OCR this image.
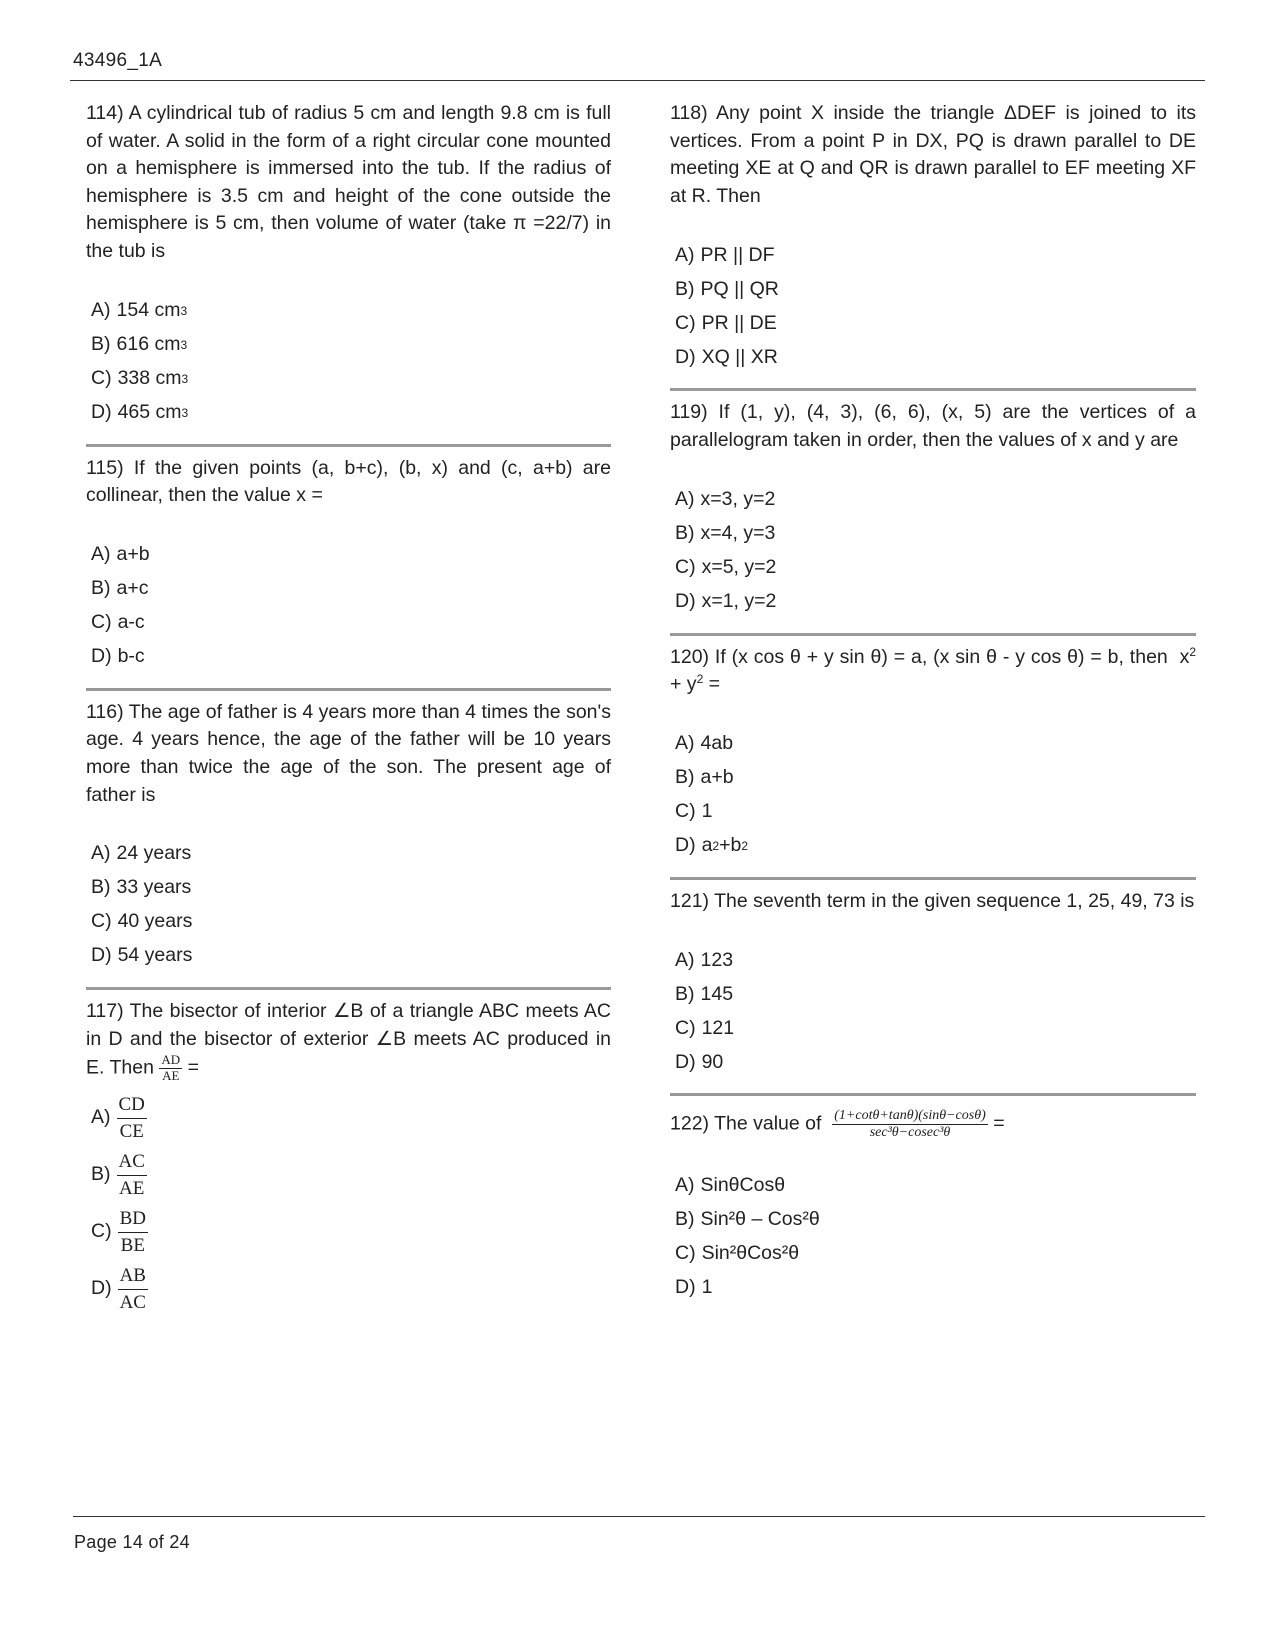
43496_1A

114) A cylindrical tub of radius 5 cm and length 9.8 cm is full of water. A solid in the form of a right circular cone mounted on a hemisphere is immersed into the tub. If the radius of hemisphere is 3.5 cm and height of the cone outside the hemisphere is 5 cm, then volume of water (take π =22/7) in the tub is

A) 154 cm 3
B) 616 cm 3
C) 338 cm 3
D) 465 cm 3

115) If the given points (a, b+c), (b, x) and (c, a+b) are collinear, then the value x =

A) a+b
B) a+c
C) a-c
D) b-c

116) The age of father is 4 years more than 4 times the son's age. 4 years hence, the age of the father will be 10 years more than twice the age of the son. The present age of father is

A) 24 years
B) 33 years
C) 40 years
D) 54 years

117) The bisector of interior ∠B of a triangle ABC meets AC in D and the bisector of exterior ∠B meets AC produced in E. Then $\frac{AD}{AE}$ =

$A) \frac{CD}{CE}$
$B) \frac{AC}{AE}$
$C) \frac{BD}{BE}$
$D) \frac{AB}{AC}$

118) Any point X inside the triangle ΔDEF is joined to its vertices. From a point P in DX, PQ is drawn parallel to DE meeting XE at Q and QR is drawn parallel to EF meeting XF at R. Then

A) PR || DF
B) PQ || QR
C) PR || DE
D) XQ || XR

119) If (1, y), (4, 3), (6, 6), (x, 5) are the vertices of a parallelogram taken in order, then the values of x and y are

A) x=3, y=2
B) x=4, y=3
C) x=5, y=2
D) x=1, y=2

120) If (x cos θ + y sin θ) = a, (x sin θ - y cos θ) = b, then $x^2 + y^2$ =

A) 4ab
B) a+b
C) 1
D) a 2 +b 2

121) The seventh term in the given sequence 1, 25, 49, 73 is

A) 123
B) 145
C) 121
D) 90

122) The value of $\frac{(1+\cot\theta+\tan\theta)(\sin\theta-\cos\theta)}{\text{sec³θ−cosec³θ}}$ =

A) SinθCosθ
B) Sin²θ – Cos²θ
C) Sin²θCos²θ
D) 1
Page 14 of 24
